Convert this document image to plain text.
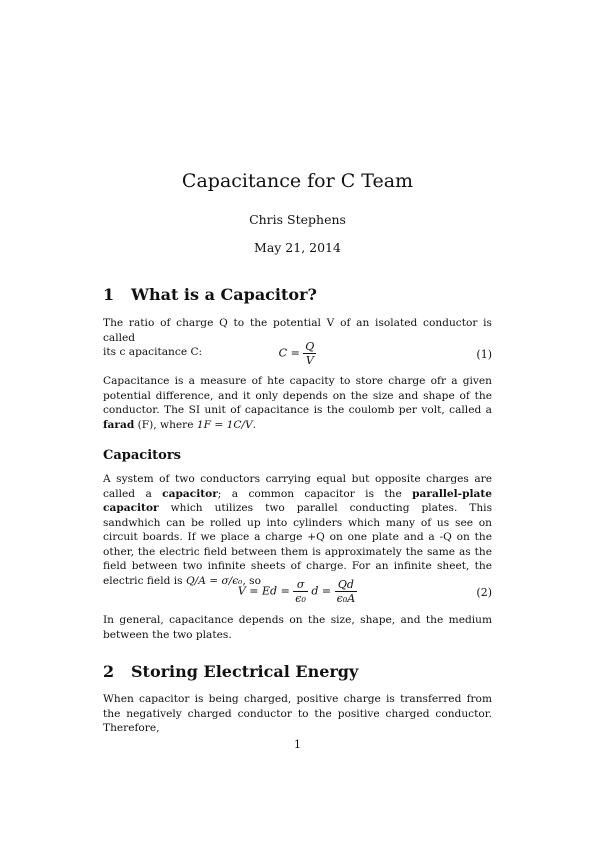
Capacitance for C Team
Chris Stephens
May 21, 2014
1 What is a Capacitor?

The ratio of charge Q to the potential V of an isolated conductor is called
its c apacitance C:	$C = \frac{Q}{V}$	(1)

Capacitance is a measure of hte capacity to store charge ofr a given potential difference, and it only depends on the size and shape of the conductor. The SI unit of capacitance is the coulomb per volt, called a farad (F), where 1F = 1C/V.

Capacitors

A system of two conductors carrying equal but opposite charges are called a capacitor; a common capacitor is the parallel-plate capacitor which utilizes two parallel conducting plates. This sandwhich can be rolled up into cylinders which many of us see on circuit boards. If we place a charge +Q on one plate and a -Q on the other, the electric field between them is approximately the same as the field between two infinite sheets of charge. For an infinite sheet, the electric field is Q/A = σ/ϵ₀, so

$V = Ed = \frac{\sigma}{\text{ϵ₀}}$ $d = \frac{Qd}{\text{ϵ₀A}}$	(2)

In general, capacitance depends on the size, shape, and the medium between the two plates.

2 Storing Electrical Energy

When capacitor is being charged, positive charge is transferred from the negatively charged conductor to the positive charged conductor. Therefore,

1
